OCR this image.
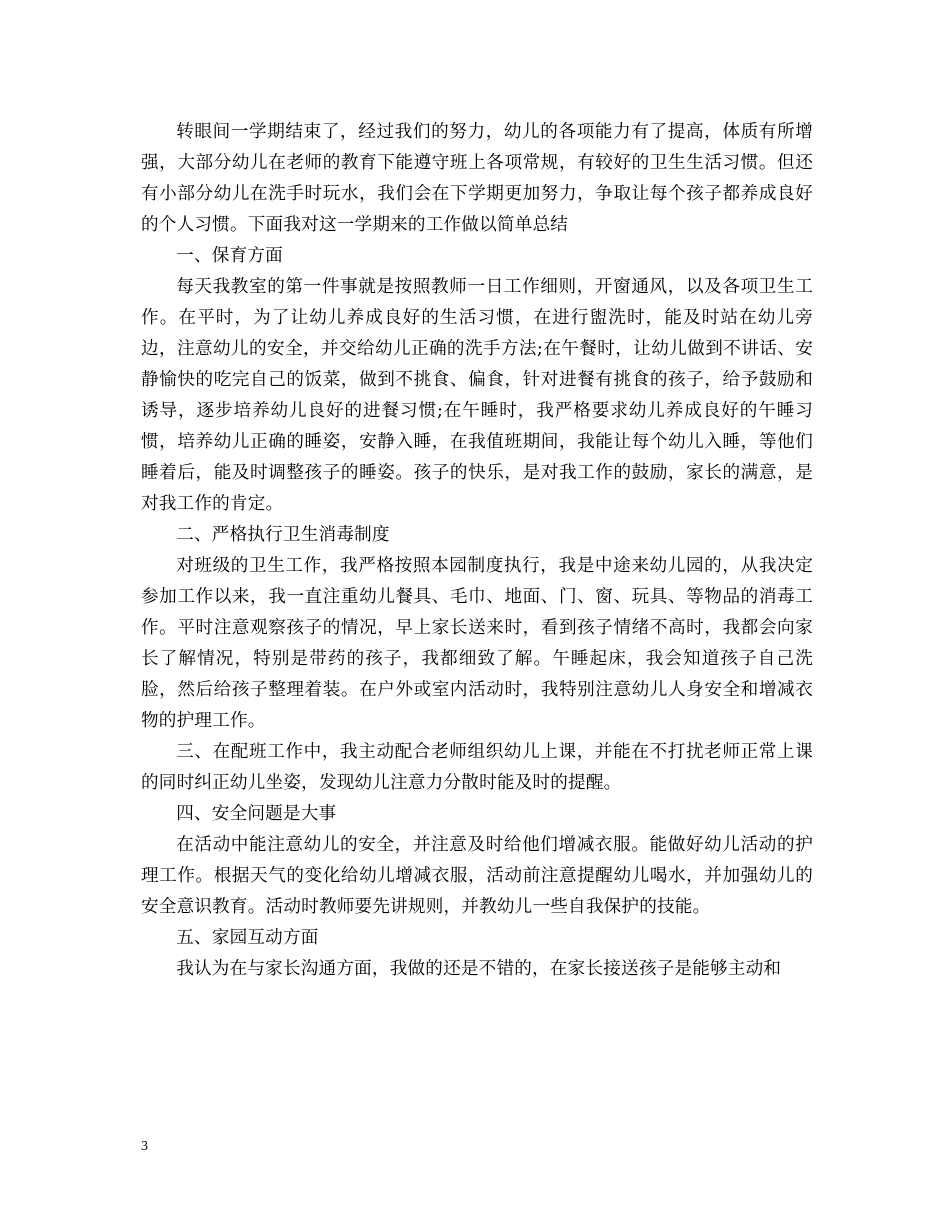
转眼间一学期结束了，经过我们的努力，幼儿的各项能力有了提高，体质有所增强，大部分幼儿在老师的教育下能遵守班上各项常规，有较好的卫生生活习惯。但还有小部分幼儿在洗手时玩水，我们会在下学期更加努力，争取让每个孩子都养成良好的个人习惯。下面我对这一学期来的工作做以简单总结

一、保育方面

每天我教室的第一件事就是按照教师一日工作细则，开窗通风，以及各项卫生工作。在平时，为了让幼儿养成良好的生活习惯，在进行盥洗时，能及时站在幼儿旁边，注意幼儿的安全，并交给幼儿正确的洗手方法;在午餐时，让幼儿做到不讲话、安静愉快的吃完自己的饭菜，做到不挑食、偏食，针对进餐有挑食的孩子，给予鼓励和诱导，逐步培养幼儿良好的进餐习惯;在午睡时，我严格要求幼儿养成良好的午睡习惯，培养幼儿正确的睡姿，安静入睡，在我值班期间，我能让每个幼儿入睡，等他们睡着后，能及时调整孩子的睡姿。孩子的快乐，是对我工作的鼓励，家长的满意，是对我工作的肯定。

二、严格执行卫生消毒制度

对班级的卫生工作，我严格按照本园制度执行，我是中途来幼儿园的，从我决定参加工作以来，我一直注重幼儿餐具、毛巾、地面、门、窗、玩具、等物品的消毒工作。平时注意观察孩子的情况，早上家长送来时，看到孩子情绪不高时，我都会向家长了解情况，特别是带药的孩子，我都细致了解。午睡起床，我会知道孩子自己洗脸，然后给孩子整理着装。在户外或室内活动时，我特别注意幼儿人身安全和增减衣物的护理工作。

三、在配班工作中，我主动配合老师组织幼儿上课，并能在不打扰老师正常上课的同时纠正幼儿坐姿，发现幼儿注意力分散时能及时的提醒。

四、安全问题是大事

在活动中能注意幼儿的安全，并注意及时给他们增减衣服。能做好幼儿活动的护理工作。根据天气的变化给幼儿增减衣服，活动前注意提醒幼儿喝水，并加强幼儿的安全意识教育。活动时教师要先讲规则，并教幼儿一些自我保护的技能。

五、家园互动方面

我认为在与家长沟通方面，我做的还是不错的，在家长接送孩子是能够主动和

3
